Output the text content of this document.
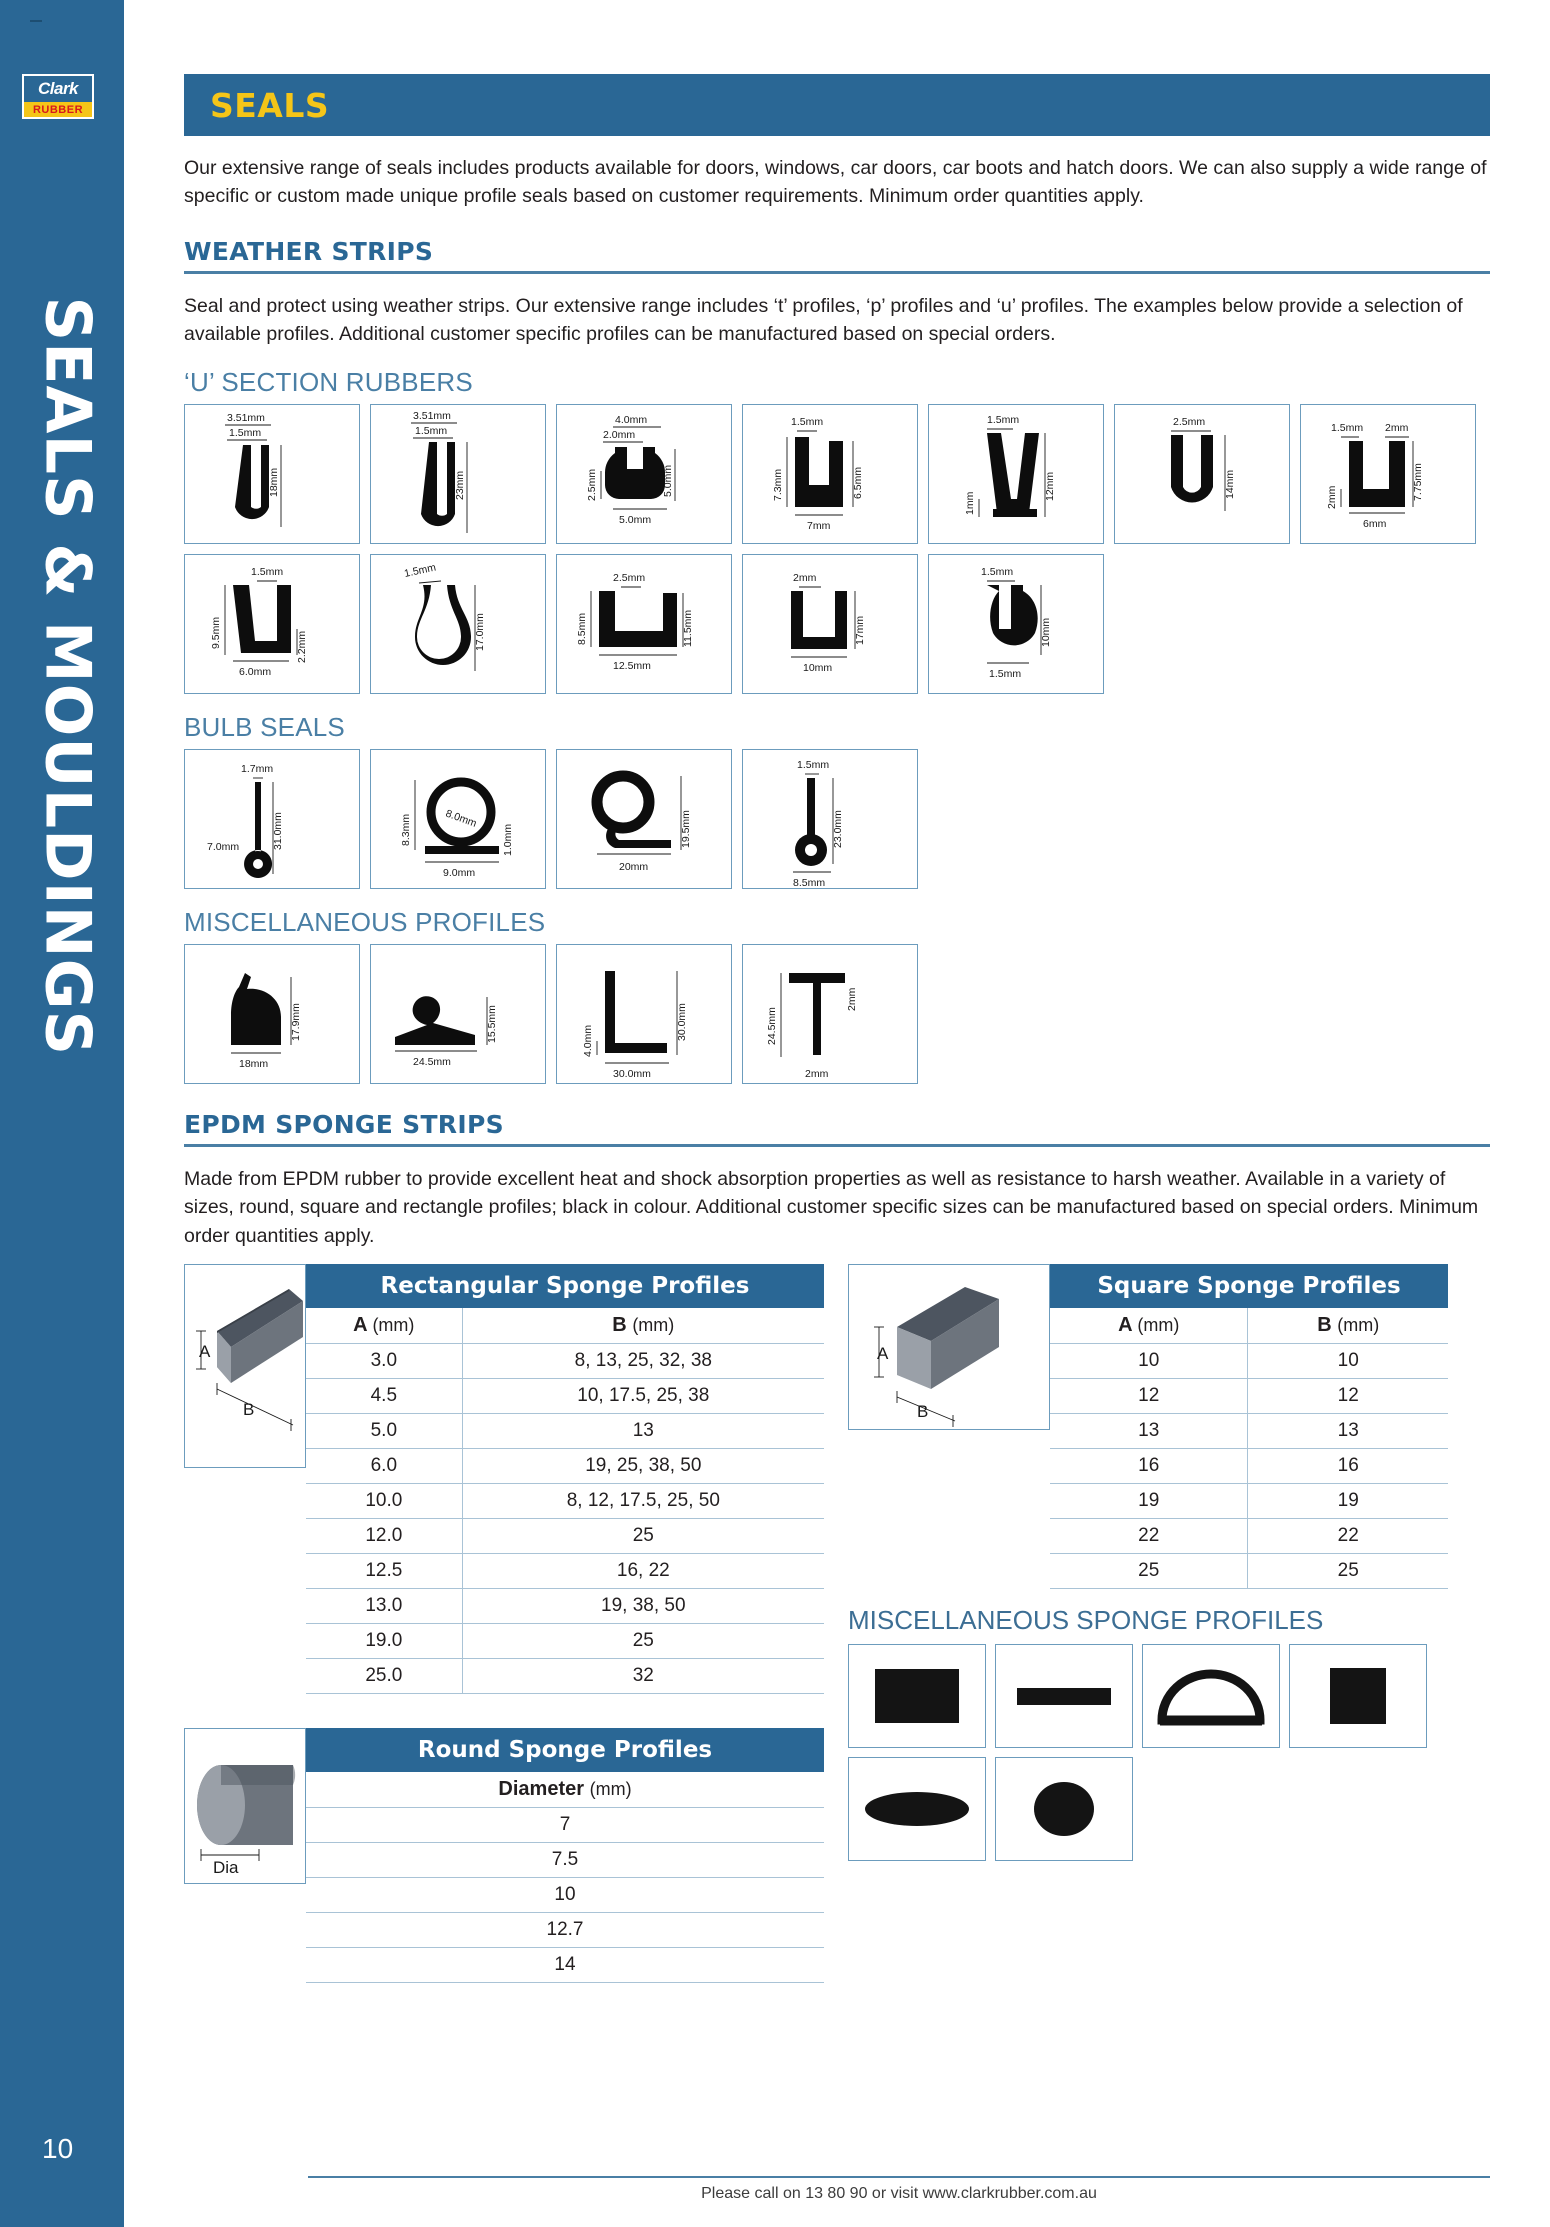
Clark
RUBBER
SEALS & MOULDINGS
10
SEALS

Our extensive range of seals includes products available for doors, windows, car doors, car boots and hatch doors. We can also supply a wide range of specific or custom made unique profile seals based on customer requirements. Minimum order quantities apply.

WEATHER STRIPS

Seal and protect using weather strips. Our extensive range includes ‘t’ profiles, ‘p’ profiles and ‘u’ profiles. The examples below provide a selection of available profiles. Additional customer specific profiles can be manufactured based on special orders.

‘U’ SECTION RUBBERS
3.51mm
1.5mm
18mm
3.51mm
1.5mm
23mm
4.0mm
2.0mm
2.5mm
5.0mm
5.0mm
1.5mm
7.3mm	6.5mm
7mm
1.5mm
1mm
12mm
2.5mm
14mm
1.5mm 2mm
2mm	7.75mm
6mm
1.5mm
9.5mm	2.2mm
6.0mm
1.5mm
17.0mm
2.5mm
8.5mm	11.5mm
12.5mm
2mm
17mm
10mm
1.5mm
10mm
1.5mm
BULB SEALS
1.7mm
31.0mm
7.0mm
8.0mm
8.3mm
9.0mm
1.0mm
20mm
19.5mm
1.5mm
23.0mm
8.5mm
MISCELLANEOUS PROFILES
18mm
17.9mm
24.5mm
15.5mm	4.0mm
30.0mm
30.0mm	24.5mm
2mm
2mm
EPDM SPONGE STRIPS

Made from EPDM rubber to provide excellent heat and shock absorption properties as well as resistance to harsh weather. Available in a variety of sizes, round, square and rectangle profiles; black in colour. Additional customer specific sizes can be manufactured based on special orders. Minimum order quantities apply.

A
B
Rectangular Sponge Profiles	
A (mm)	B (mm)
3.0	8, 13, 25, 32, 38
4.5	10, 17.5, 25, 38
5.0	13
6.0	19, 25, 38, 50
10.0	8, 12, 17.5, 25, 50
12.0	25
12.5	16, 22
13.0	19, 38, 50
19.0	25
25.0	32
Dia
Round Sponge Profiles
Diameter (mm)
7
7.5
10
12.7
14
A
B
Square Sponge Profiles	
A (mm)	B (mm)
10	10
12	12
13	13
16	16
19	19
22	22
25	25
MISCELLANEOUS SPONGE PROFILES
Please call on 13 80 90 or visit www.clarkrubber.com.au
